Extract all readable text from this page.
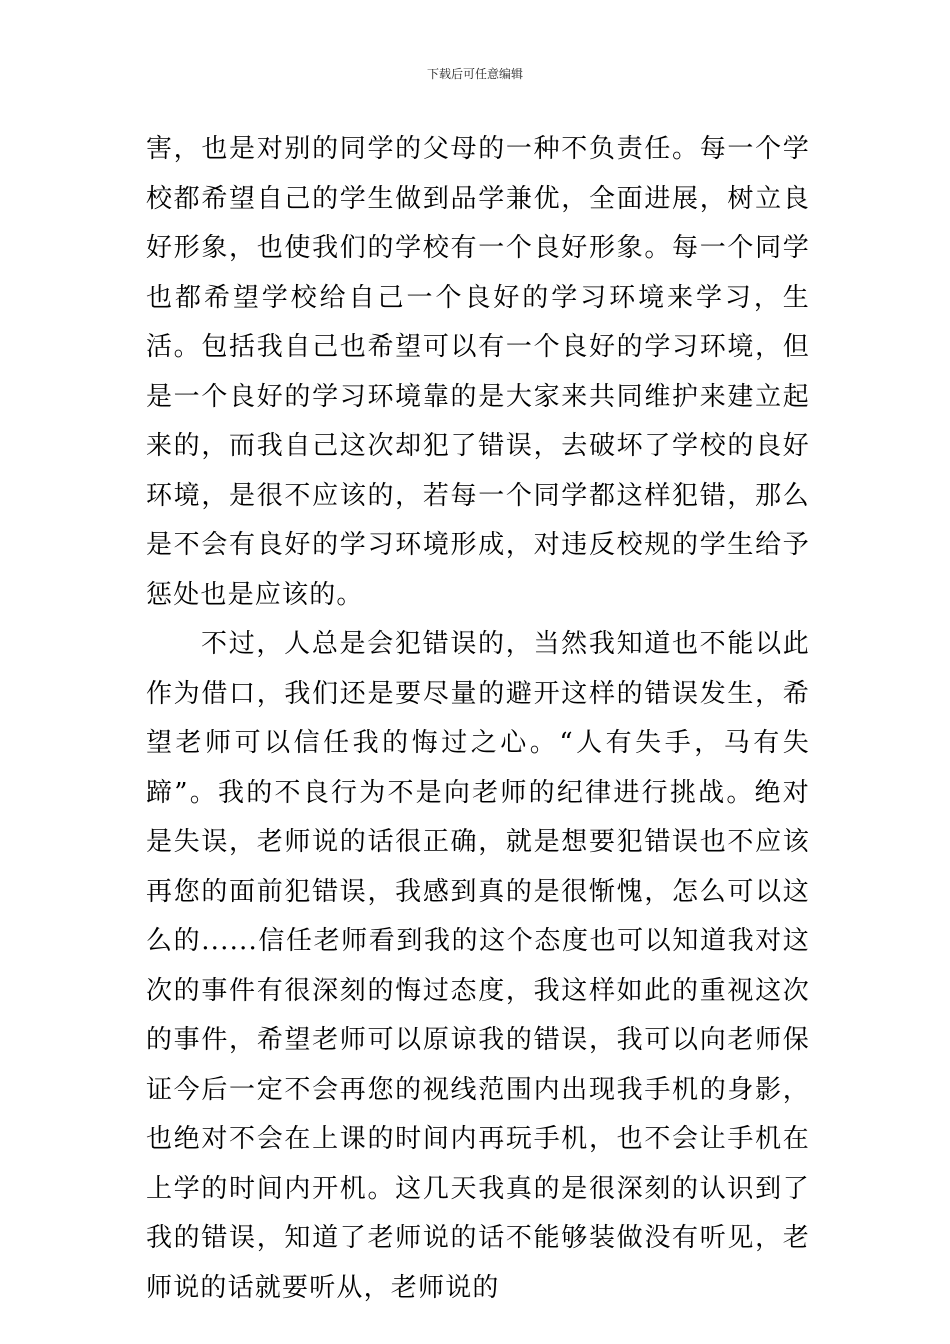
下载后可任意编辑

害，也是对别的同学的父母的一种不负责任。每一个学校都希望自己的学生做到品学兼优，全面进展，树立良好形象，也使我们的学校有一个良好形象。每一个同学也都希望学校给自己一个良好的学习环境来学习，生活。包括我自己也希望可以有一个良好的学习环境，但是一个良好的学习环境靠的是大家来共同维护来建立起来的，而我自己这次却犯了错误，去破坏了学校的良好环境，是很不应该的，若每一个同学都这样犯错，那么是不会有良好的学习环境形成，对违反校规的学生给予惩处也是应该的。

不过，人总是会犯错误的，当然我知道也不能以此作为借口，我们还是要尽量的避开这样的错误发生，希望老师可以信任我的悔过之心。“人有失手，马有失蹄”。我的不良行为不是向老师的纪律进行挑战。绝对是失误，老师说的话很正确，就是想要犯错误也不应该再您的面前犯错误，我感到真的是很惭愧，怎么可以这么的......信任老师看到我的这个态度也可以知道我对这次的事件有很深刻的悔过态度，我这样如此的重视这次的事件，希望老师可以原谅我的错误，我可以向老师保证今后一定不会再您的视线范围内出现我手机的身影，也绝对不会在上课的时间内再玩手机，也不会让手机在上学的时间内开机。这几天我真的是很深刻的认识到了我的错误，知道了老师说的话不能够装做没有听见，老师说的话就要听从，老师说的
